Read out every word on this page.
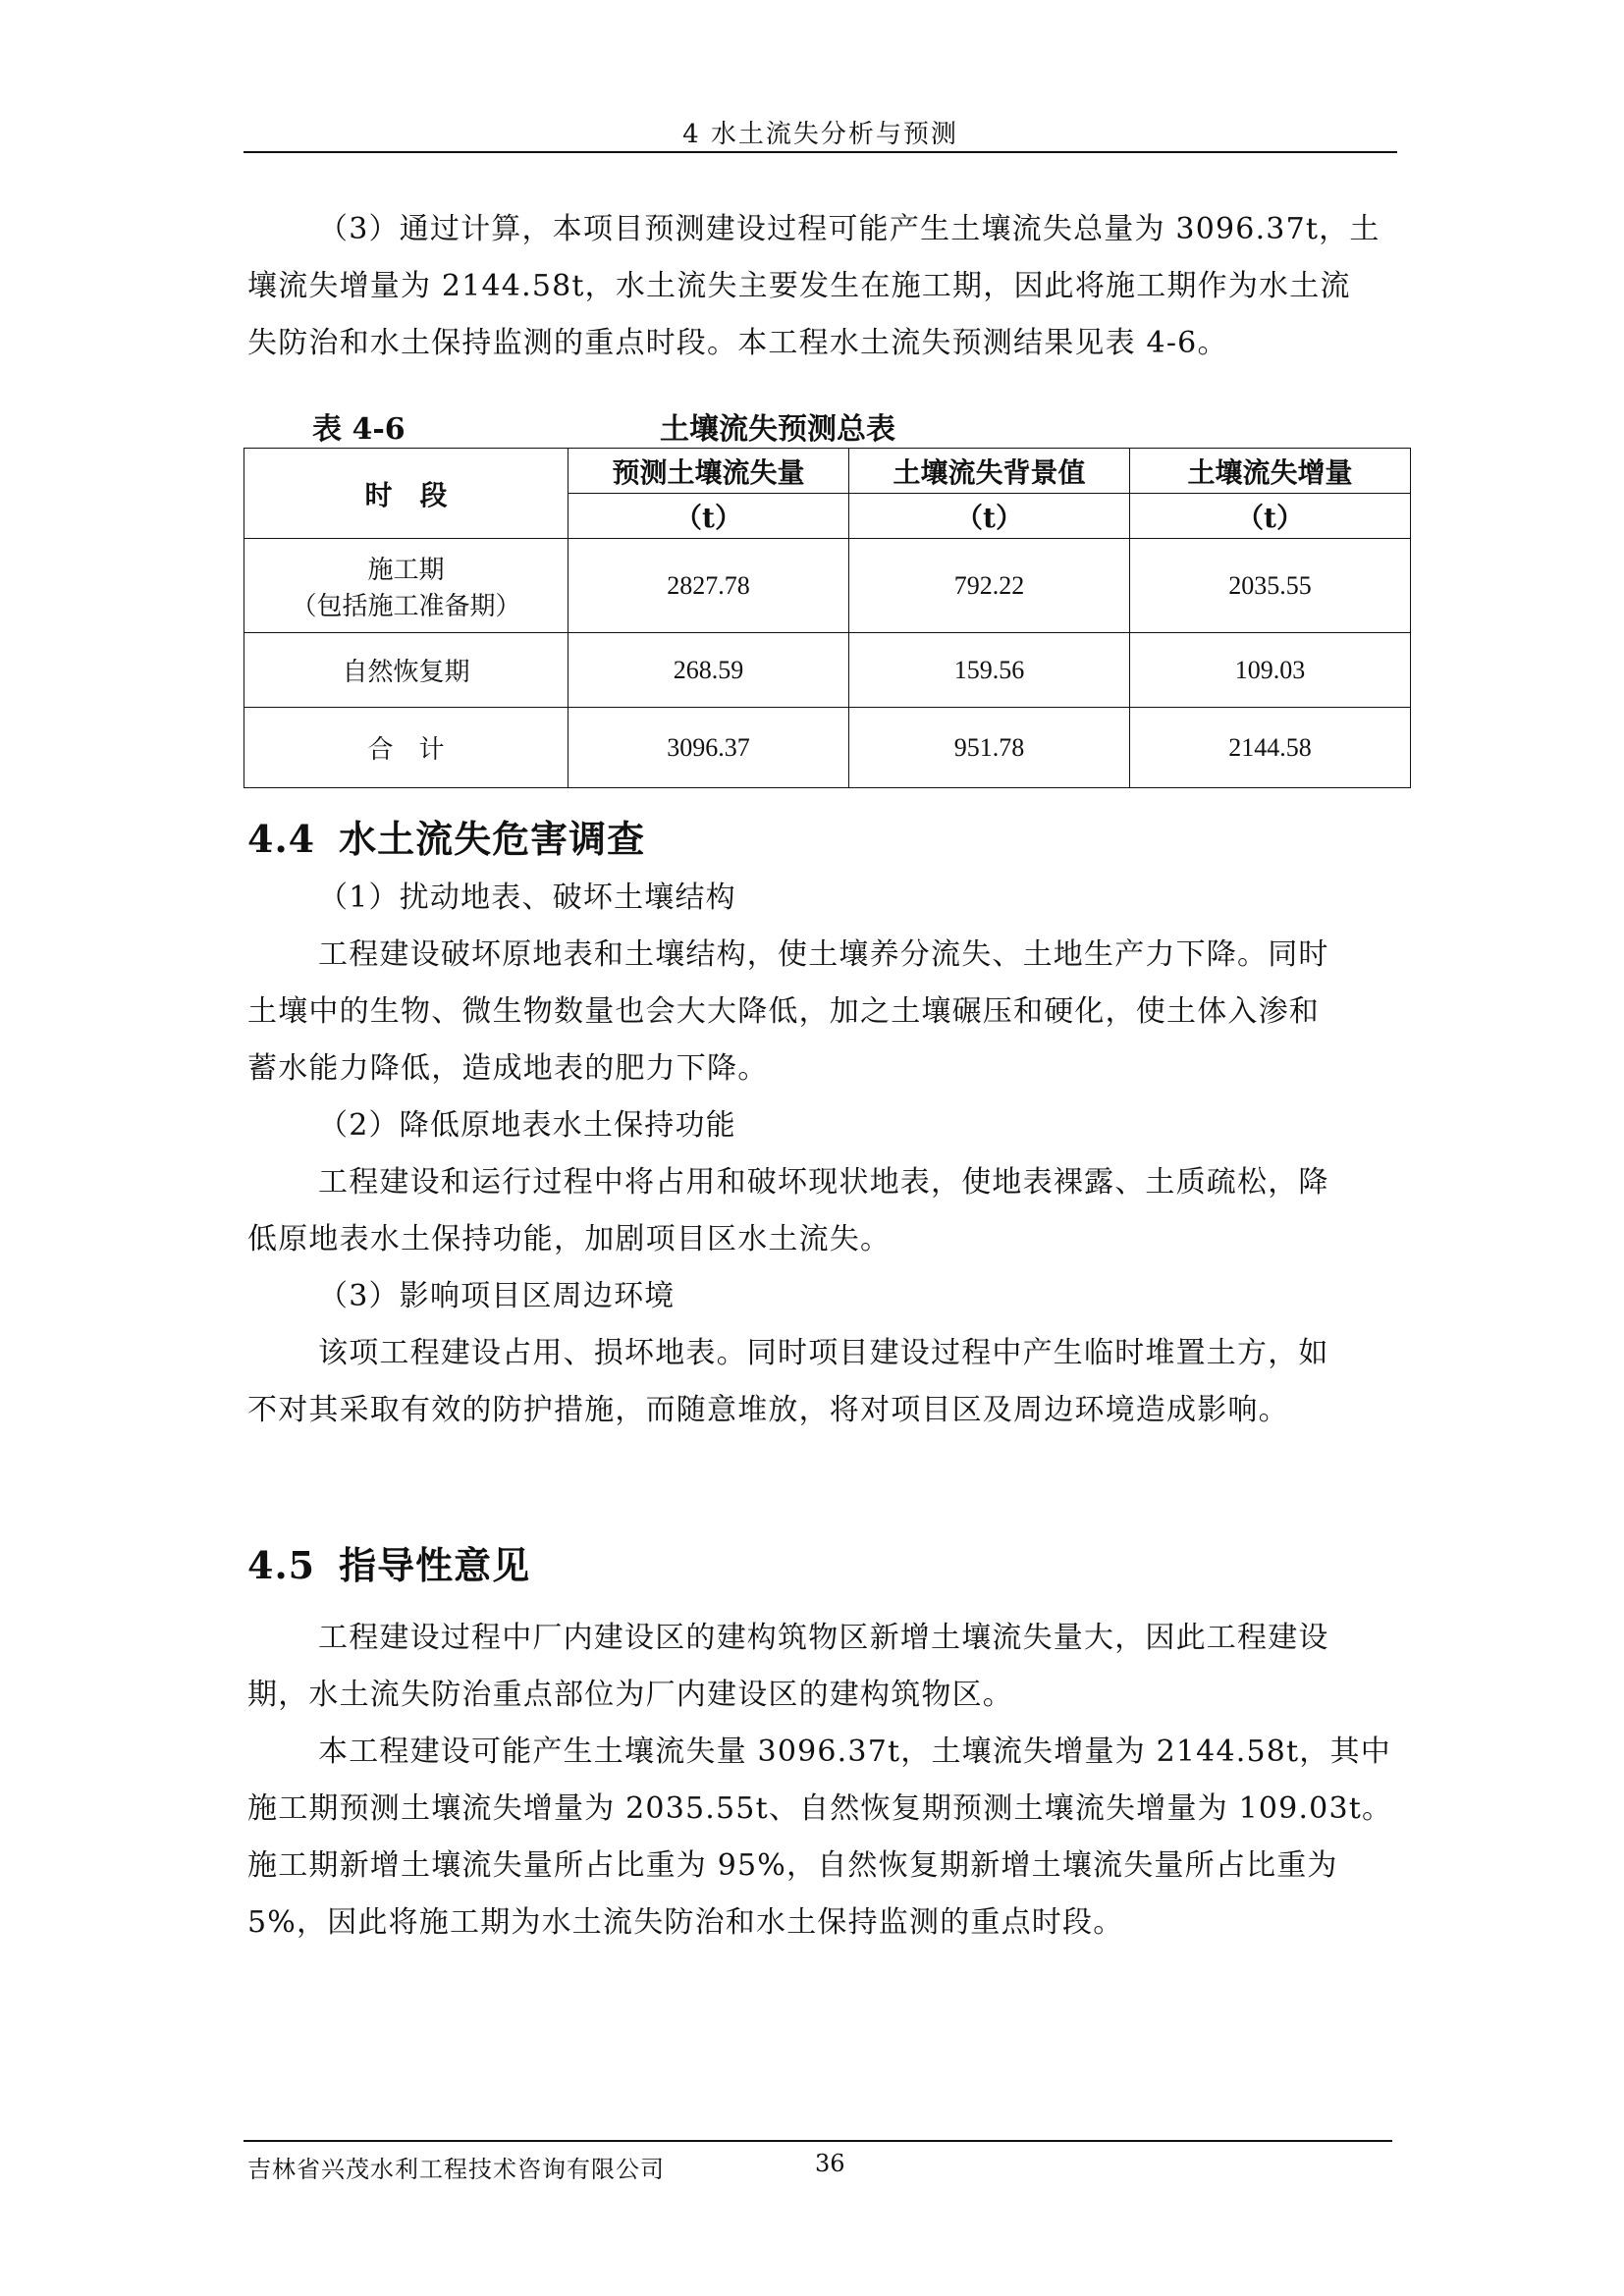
4 水土流失分析与预测
（3）通过计算，本项目预测建设过程可能产生土壤流失总量为 3096.37t，土
壤流失增量为 2144.58t，水土流失主要发生在施工期，因此将施工期作为水土流
失防治和水土保持监测的重点时段。本工程水土流失预测结果见表 4-6。
表 4-6	土壤流失预测总表
时　段	预测土壤流失量	土壤流失背景值	土壤流失增量
	（t）	（t）	（t）

施工期
（包括施工准备期）	2827.78	792.22	2035.55
自然恢复期	268.59	159.56	109.03
合　计	3096.37	951.78	2144.58
4.4 水土流失危害调查
（1）扰动地表、破坏土壤结构
工程建设破坏原地表和土壤结构，使土壤养分流失、土地生产力下降。同时
土壤中的生物、微生物数量也会大大降低，加之土壤碾压和硬化，使土体入渗和
蓄水能力降低，造成地表的肥力下降。
（2）降低原地表水土保持功能
工程建设和运行过程中将占用和破坏现状地表，使地表裸露、土质疏松，降
低原地表水土保持功能，加剧项目区水土流失。
（3）影响项目区周边环境
该项工程建设占用、损坏地表。同时项目建设过程中产生临时堆置土方，如
不对其采取有效的防护措施，而随意堆放，将对项目区及周边环境造成影响。
4.5 指导性意见
工程建设过程中厂内建设区的建构筑物区新增土壤流失量大，因此工程建设
期，水土流失防治重点部位为厂内建设区的建构筑物区。
本工程建设可能产生土壤流失量 3096.37t，土壤流失增量为 2144.58t，其中
施工期预测土壤流失增量为 2035.55t、自然恢复期预测土壤流失增量为 109.03t。
施工期新增土壤流失量所占比重为 95%，自然恢复期新增土壤流失量所占比重为
5%，因此将施工期为水土流失防治和水土保持监测的重点时段。
吉林省兴茂水利工程技术咨询有限公司	36
